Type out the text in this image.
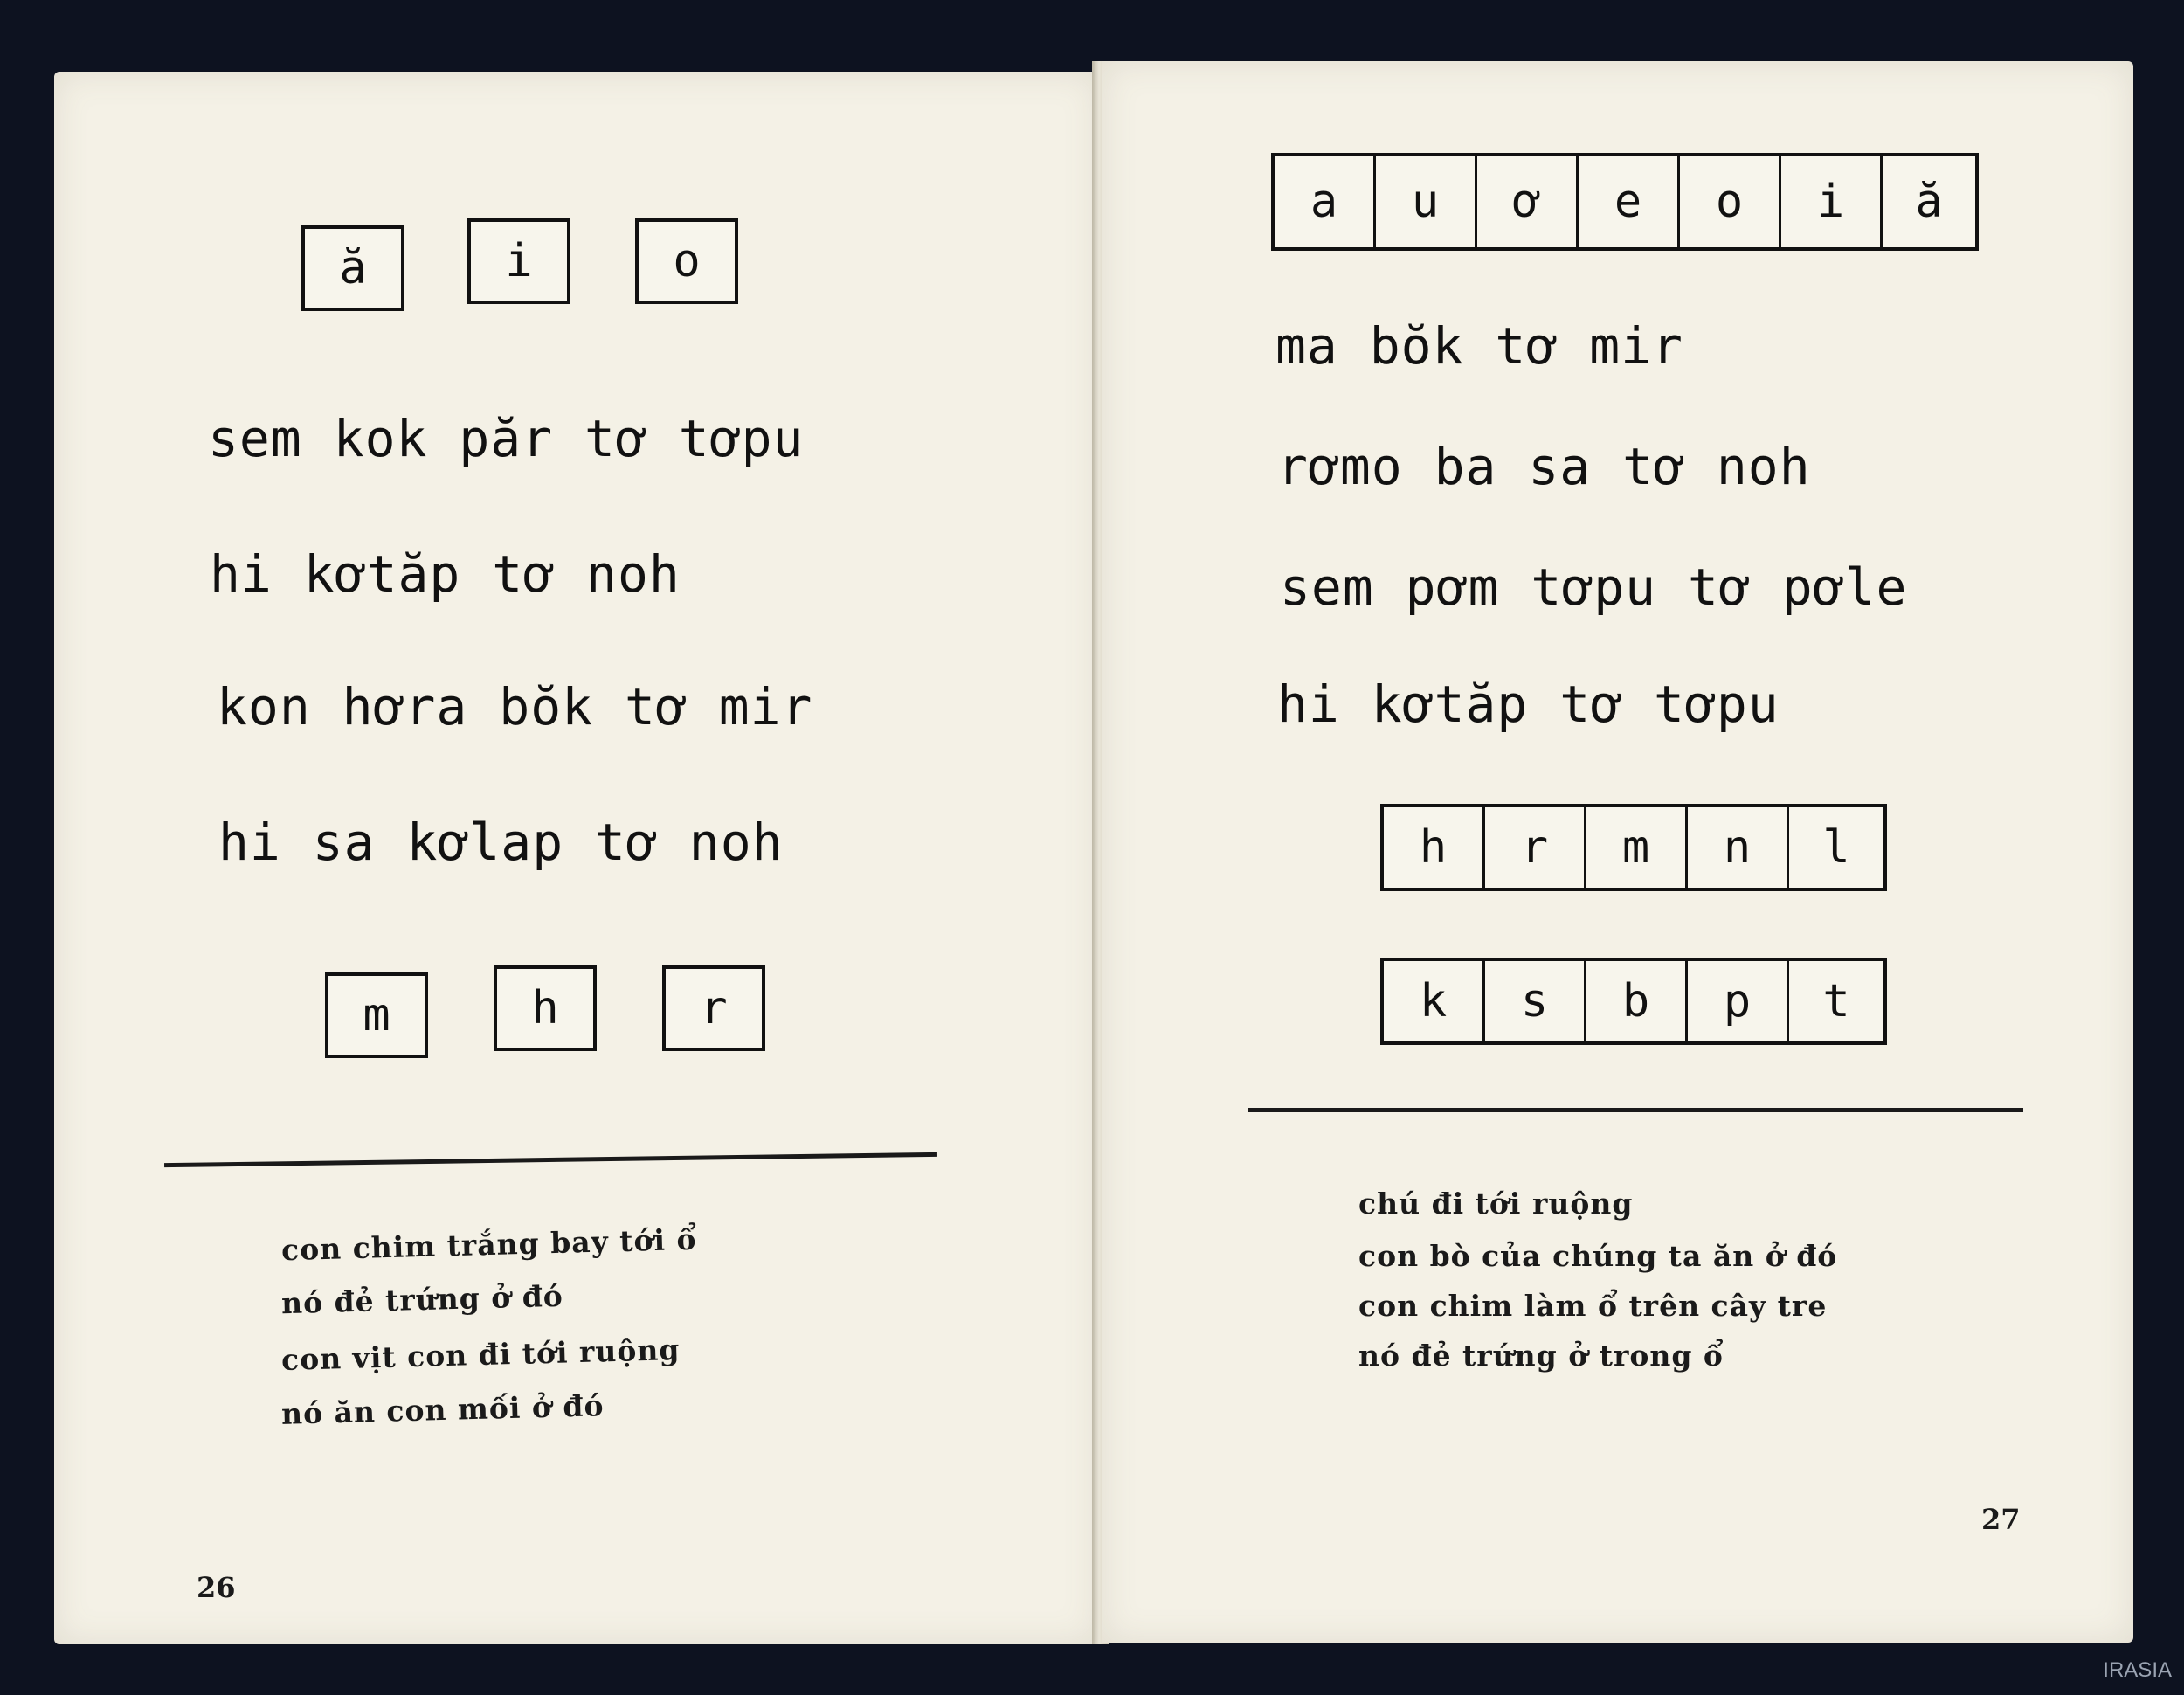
ă	i	o
sem kok păr tơ tơpu
hi kơtăp tơ noh
kon hơra bŏk tơ mir
hi sa kơlap tơ noh
m	h	r
con chim trắng bay tới ổ
nó đẻ trứng ở đó
con vịt con đi tới ruộng
nó ăn con mối ở đó
26
a	u	ơ	e	o	i	ă
ma bŏk tơ mir
rơmo ba sa tơ noh
sem pơm tơpu tơ pơle
hi kơtăp tơ tơpu
h	r	m	n	l
k	s	b	p	t
chú đi tới ruộng
con bò của chúng ta ăn ở đó
con chim làm ổ trên cây tre
nó đẻ trứng ở trong ổ
27
IRASIA
